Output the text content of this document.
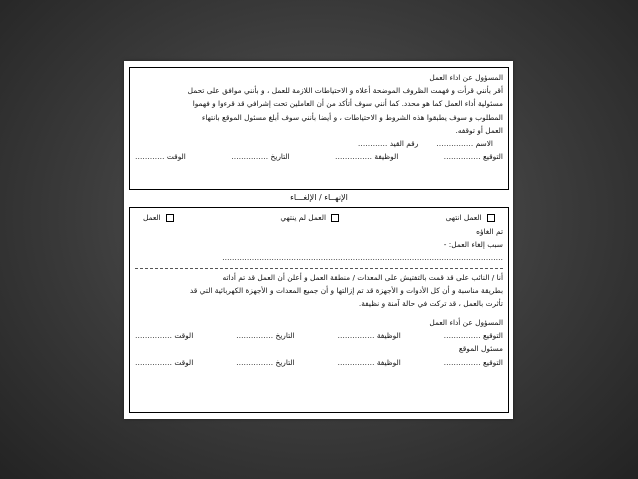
المسؤول عن اداء العمل
أقر بأنني قرأت و فهمت الظروف الموضحة أعلاه و الاحتياطات اللازمة للعمل ، و بأنني موافق على تحمل
مسئولية أداء العمل كما هو محدد. كما أنني سوف أتأكد من أن العاملين تحت إشرافي قد قرءوا و فهموا
المطلوب و سوف يطبقوا هذه الشروط و الاحتياطات ، و أيضا بأنني سوف أبلغ مسئول الموقع بانتهاء
العمل أو توقفه.
الاسم ……………
رقم القيد …………
التوقيع ……………
الوظيفة ……………
التاريخ ……………
الوقت …………
الإنهــاء / الإلغـــاء
العمل انتهى
العمل لم ينتهي
العمل
تم الغاؤه
سبب إلغاء العمل: -
……………………………………………………………………………………………………
أنا / النائب على قد قمت بالتفتيش على المعدات / منطقة العمل و أعلن أن العمل قد تم أداته
بطريقة مناسبة و أن كل الأدوات و الأجهزة قد تم إزالتها و أن جميع المعدات و الأجهزة الكهربائية التي قد
تأثرت بالعمل ، قد تركت في حالة آمنة و نظيفة.
المسؤول عن أداء العمل
التوقيع ……………
الوظيفة ……………
التاريخ ……………
الوقت ……………
مسئول الموقع
التوقيع ……………
الوظيفة ……………
التاريخ ……………
الوقت ……………
